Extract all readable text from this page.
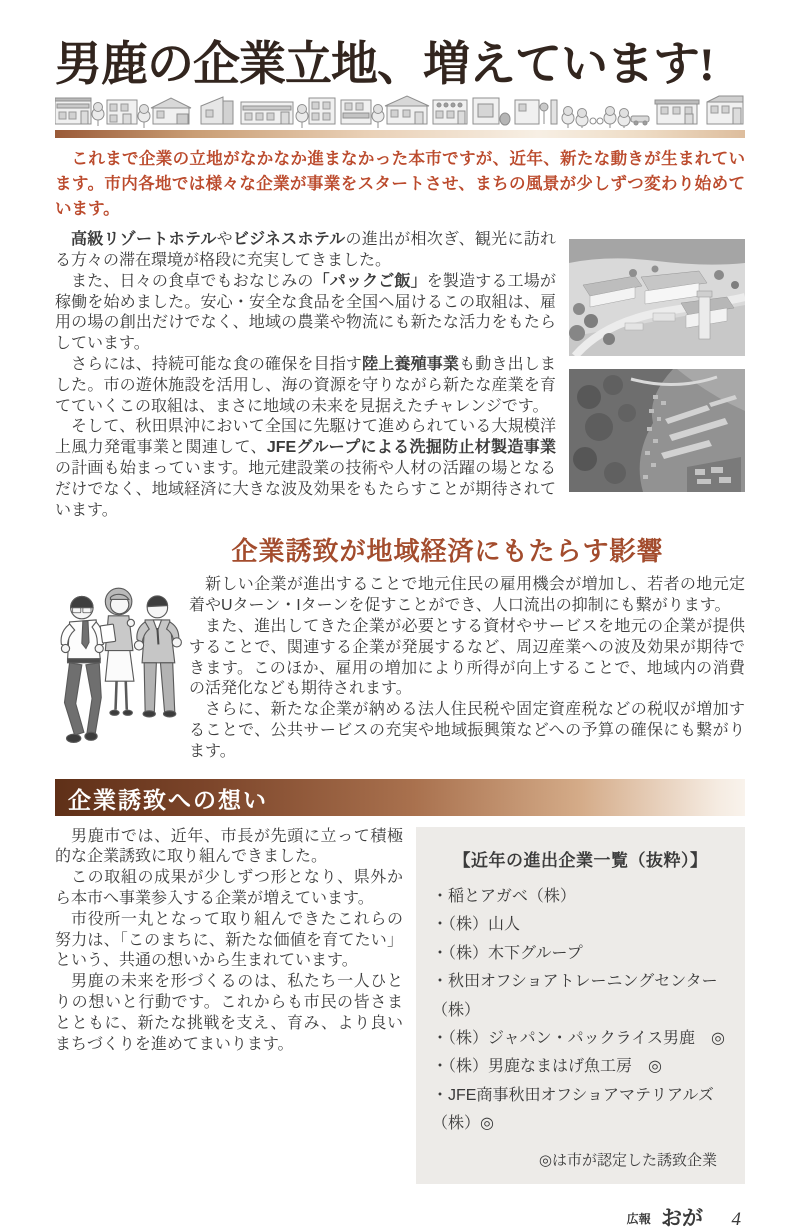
男鹿の企業立地、増えています!

これまで企業の立地がなかなか進まなかった本市ですが、近年、新たな動きが生まれています。市内各地では様々な企業が事業をスタートさせ、まちの風景が少しずつ変わり始めています。

高級リゾートホテルやビジネスホテルの進出が相次ぎ、観光に訪れる方々の滞在環境が格段に充実してきました。

また、日々の食卓でもおなじみの「パックご飯」を製造する工場が稼働を始めました。安心・安全な食品を全国へ届けるこの取組は、雇用の場の創出だけでなく、地域の農業や物流にも新たな活力をもたらしています。

さらには、持続可能な食の確保を目指す陸上養殖事業も動き出しました。市の遊休施設を活用し、海の資源を守りながら新たな産業を育てていくこの取組は、まさに地域の未来を見据えたチャレンジです。

そして、秋田県沖において全国に先駆けて進められている大規模洋上風力発電事業と関連して、JFEグループによる洗掘防止材製造事業の計画も始まっています。地元建設業の技術や人材の活躍の場となるだけでなく、地域経済に大きな波及効果をもたらすことが期待されています。

企業誘致が地域経済にもたらす影響

新しい企業が進出することで地元住民の雇用機会が増加し、若者の地元定着やUターン・Iターンを促すことができ、人口流出の抑制にも繋がります。

また、進出してきた企業が必要とする資材やサービスを地元の企業が提供することで、関連する企業が発展するなど、周辺産業への波及効果が期待できます。このほか、雇用の増加により所得が向上することで、地域内の消費の活発化なども期待されます。

さらに、新たな企業が納める法人住民税や固定資産税などの税収が増加することで、公共サービスの充実や地域振興策などへの予算の確保にも繋がります。

企業誘致への想い

男鹿市では、近年、市長が先頭に立って積極的な企業誘致に取り組んできました。

この取組の成果が少しずつ形となり、県外から本市へ事業参入する企業が増えています。

市役所一丸となって取り組んできたこれらの努力は、「このまちに、新たな価値を育てたい」という、共通の想いから生まれています。

男鹿の未来を形づくるのは、私たち一人ひとりの想いと行動です。これからも市民の皆さまとともに、新たな挑戦を支え、育み、より良いまちづくりを進めてまいります。

【近年の進出企業一覧（抜粋）】
・稲とアガベ（株）
・（株）山人
・（株）木下グループ
・秋田オフショアトレーニングセンター（株）
・（株）ジャパン・パックライス男鹿　◎
・（株）男鹿なまはげ魚工房　◎
・JFE商事秋田オフショアマテリアルズ（株）◎
◎は市が認定した誘致企業
広報 おが 4
